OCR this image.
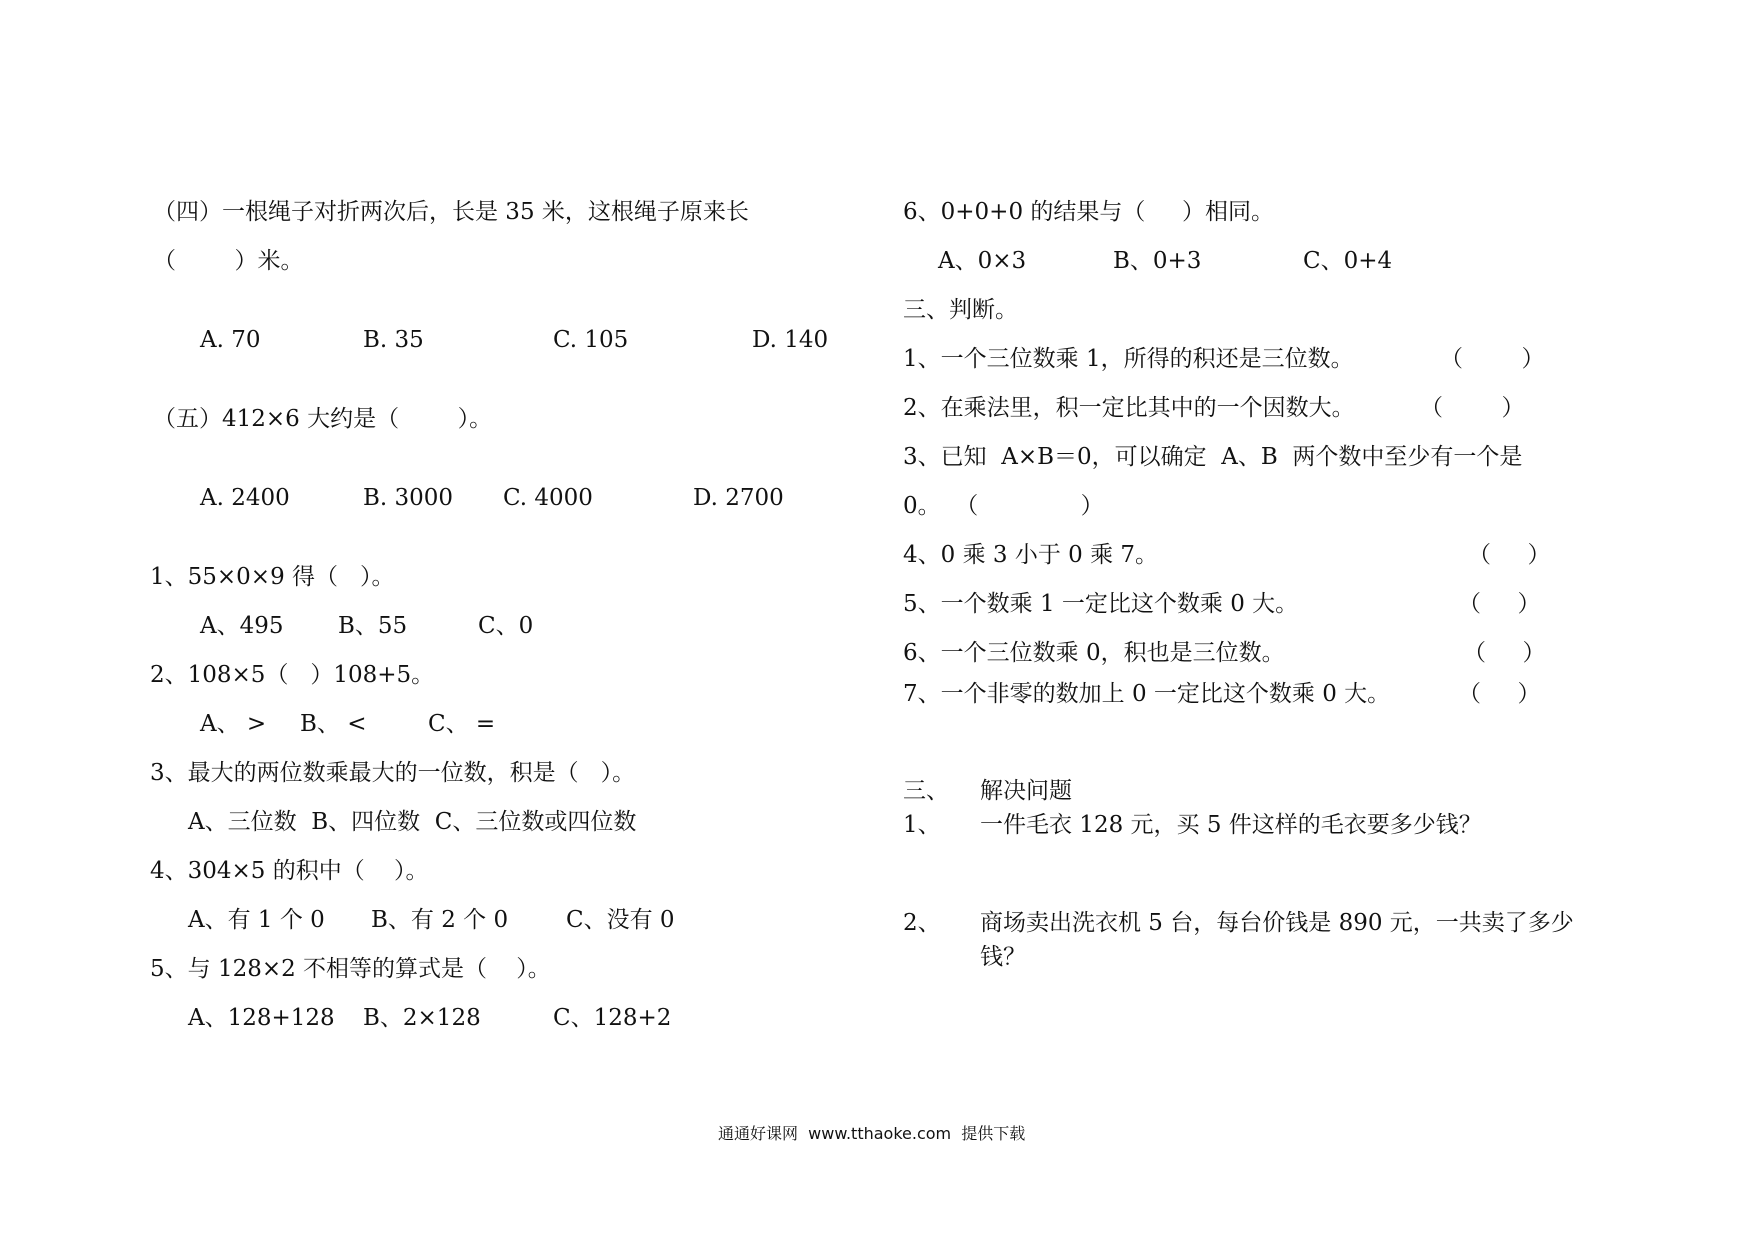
（四）一根绳子对折两次后，长是 35 米，这根绳子原来长
（        ）米。
A. 70	B. 35	C. 105	D. 140
（五）412×6 大约是（        ）。
A. 2400	B. 3000 C. 4000	D. 2700
1、55×0×9 得（   ）。
A、495 B、55	C、0
2、108×5（   ）108+5。
A、 > B、 <	C、 =
3、最大的两位数乘最大的一位数，积是（   ）。
A、三位数  B、四位数  C、三位数或四位数
4、304×5 的积中（    ）。
A、有 1 个 0 B、有 2 个 0	C、没有 0
5、与 128×2 不相等的算式是（    ）。
A、128+128 B、2×128	C、128+2
6、0+0+0 的结果与（     ）相同。
A、0×3	B、0+3	C、0+4
三、判断。
1、一个三位数乘 1，所得的积还是三位数。	（        ）
2、在乘法里，积一定比其中的一个因数大。	（        ）
3、已知  A×B＝0，可以确定  A、B  两个数中至少有一个是
0。  （              ）
4、0 乘 3 小于 0 乘 7。	（     ）
5、一个数乘 1 一定比这个数乘 0 大。	（     ）
6、一个三位数乘 0，积也是三位数。	（     ）
7、一个非零的数加上 0 一定比这个数乘 0 大。	（     ）
三、 解决问题
1、 一件毛衣 128 元，买 5 件这样的毛衣要多少钱？
2、 商场卖出洗衣机 5 台，每台价钱是 890 元，一共卖了多少
钱？
通通好课网  www.tthaoke.com  提供下载
